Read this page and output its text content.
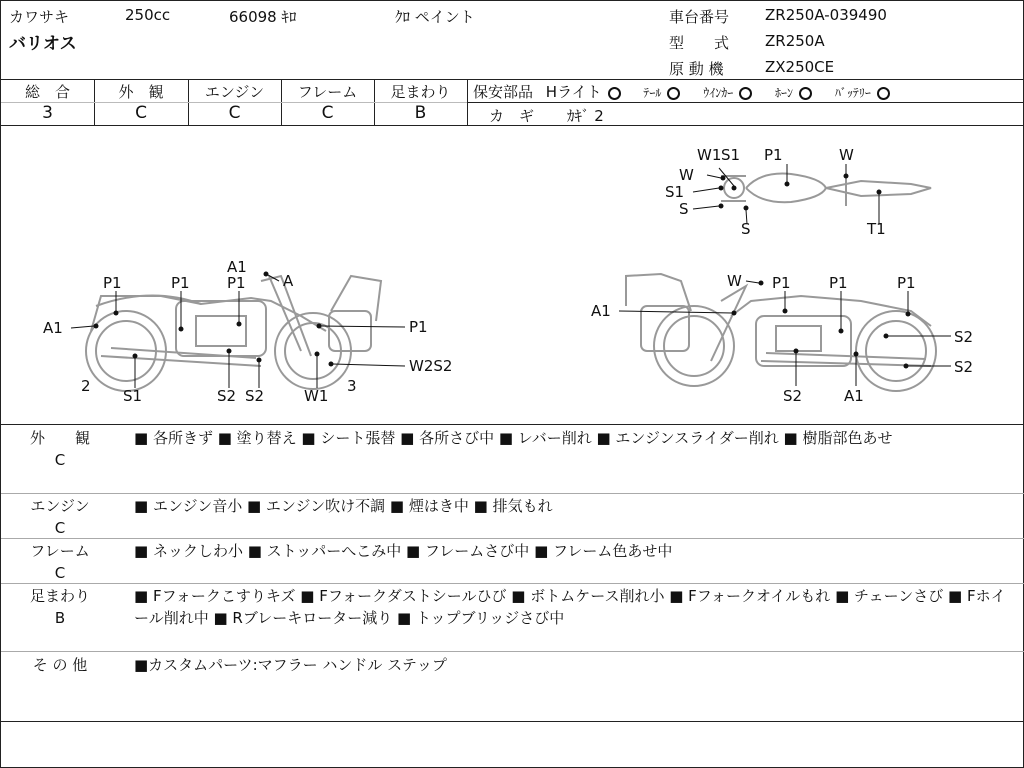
カワサキ	250cc	66098 ｷﾛ	ｸﾛ ペイント
バリオス
車台番号 ZR250A-039490
型　　式 ZR250A
原 動 機	ZX250CE
総　合
3
外　観
C
エンジン
C
フレーム
C
足まわり
B
保安部品 Hライト	ﾃｰﾙ	ｳｲﾝｶｰ	ﾎｰﾝ	ﾊﾞｯﾃﾘｰ
カ　ギ ｶｷﾞ 2
W1 S1 P1	W
W
S1
S
S	T1
A1
P1	P1	A
P1
A1
P1
S1	S2 S2	W1
W2S2
2	3
W P1	P1	P1
A1
S2
S2
S2	A1
外　　観
C
■ 各所きず ■ 塗り替え ■ シート張替 ■ 各所さび中 ■ レバー削れ ■ エンジンスライダー削れ ■ 樹脂部色あせ
エンジン
C
■ エンジン音小 ■ エンジン吹け不調 ■ 煙はき中 ■ 排気もれ
フレーム
C
■ ネックしわ小 ■ ストッパーへこみ中 ■ フレームさび中 ■ フレーム色あせ中
足まわり
B
■ Fフォークこすりキズ ■ Fフォークダストシールひび ■ ボトムケース削れ小 ■ Fフォークオイルもれ ■ チェーンさび ■ Fホイール削れ中 ■ Rブレーキローター減り ■ トップブリッジさび中
そ の 他	■カスタムパーツ:マフラー ハンドル ステップ
